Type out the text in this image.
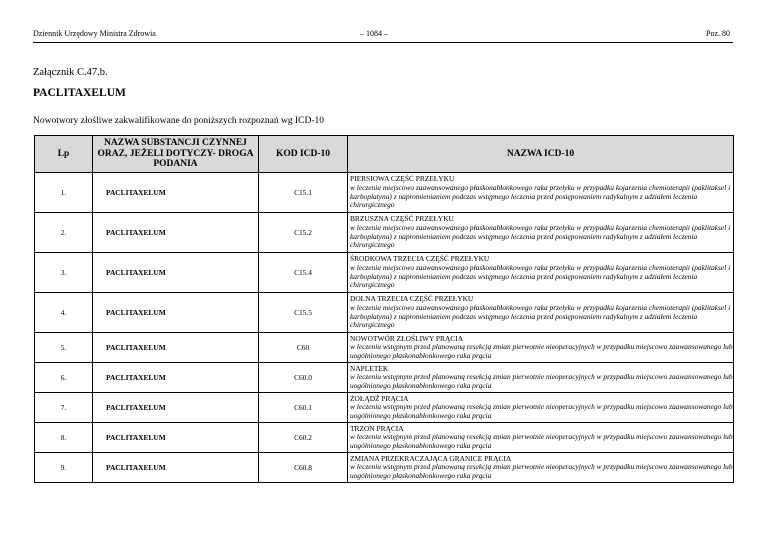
Dziennik Urzędowy Ministra Zdrowia	– 1084 –	Poz. 80
Załącznik C.47.b.
PACLITAXELUM
Nowotwory złośliwe zakwalifikowane do poniższych rozpoznań wg ICD-10
Lp	NAZWA SUBSTANCJI CZYNNEJ ORAZ, JEŻELI DOTYCZY- DROGA PODANIA	KOD ICD-10	NAZWA ICD-10
1.	PACLITAXELUM	C15.1	PIERSIOWA CZĘŚĆ PRZEŁYKU
w leczeniu miejscowo zaawansowanego płaskonabłonkowego raka przełyku w przypadku kojarzenia chemioterapii (paklitaksel i karboplatyna) z napromienianiem podczas wstępnego leczenia przed postępowaniem radykalnym z udziałem leczenia chirurgicznego

2.	PACLITAXELUM	C15.2	BRZUSZNA CZĘŚĆ PRZEŁYKU
w leczeniu miejscowo zaawansowanego płaskonabłonkowego raka przełyku w przypadku kojarzenia chemioterapii (paklitaksel i karboplatyna) z napromienianiem podczas wstępnego leczenia przed postępowaniem radykalnym z udziałem leczenia chirurgicznego

3.	PACLITAXELUM	C15.4	ŚRODKOWA TRZECIA CZĘŚĆ PRZEŁYKU
w leczeniu miejscowo zaawansowanego płaskonabłonkowego raka przełyku w przypadku kojarzenia chemioterapii (paklitaksel i karboplatyna) z napromienianiem podczas wstępnego leczenia przed postępowaniem radykalnym z udziałem leczenia chirurgicznego

4.	PACLITAXELUM	C15.5	DOLNA TRZECIA CZĘŚĆ PRZEŁYKU
w leczeniu miejscowo zaawansowanego płaskonabłonkowego raka przełyku w przypadku kojarzenia chemioterapii (paklitaksel i karboplatyna) z napromienianiem podczas wstępnego leczenia przed postępowaniem radykalnym z udziałem leczenia chirurgicznego

5.	PACLITAXELUM	C60	NOWOTWÓR ZŁOŚLIWY PRĄCIA
w leczeniu wstępnym przed planowaną resekcją zmian pierwotnie nieoperacyjnych w przypadku miejscowo zaawansowanego lub uogólnionego płaskonabłonkowego raka prącia

6.	PACLITAXELUM	C60.0	NAPLETEK
w leczeniu wstępnym przed planowaną resekcją zmian pierwotnie nieoperacyjnych w przypadku miejscowo zaawansowanego lub uogólnionego płaskonabłonkowego raka prącia

7.	PACLITAXELUM	C60.1	ŻOŁĄDŹ PRĄCIA
w leczeniu wstępnym przed planowaną resekcją zmian pierwotnie nieoperacyjnych w przypadku miejscowo zaawansowanego lub uogólnionego płaskonabłonkowego raka prącia

8.	PACLITAXELUM	C60.2	TRZON PRĄCIA
w leczeniu wstępnym przed planowaną resekcją zmian pierwotnie nieoperacyjnych w przypadku miejscowo zaawansowanego lub uogólnionego płaskonabłonkowego raka prącia

9.	PACLITAXELUM	C60.8	ZMIANA PRZEKRACZAJĄCA GRANICE PRĄCIA
w leczeniu wstępnym przed planowaną resekcją zmian pierwotnie nieoperacyjnych w przypadku miejscowo zaawansowanego lub uogólnionego płaskonabłonkowego raka prącia
